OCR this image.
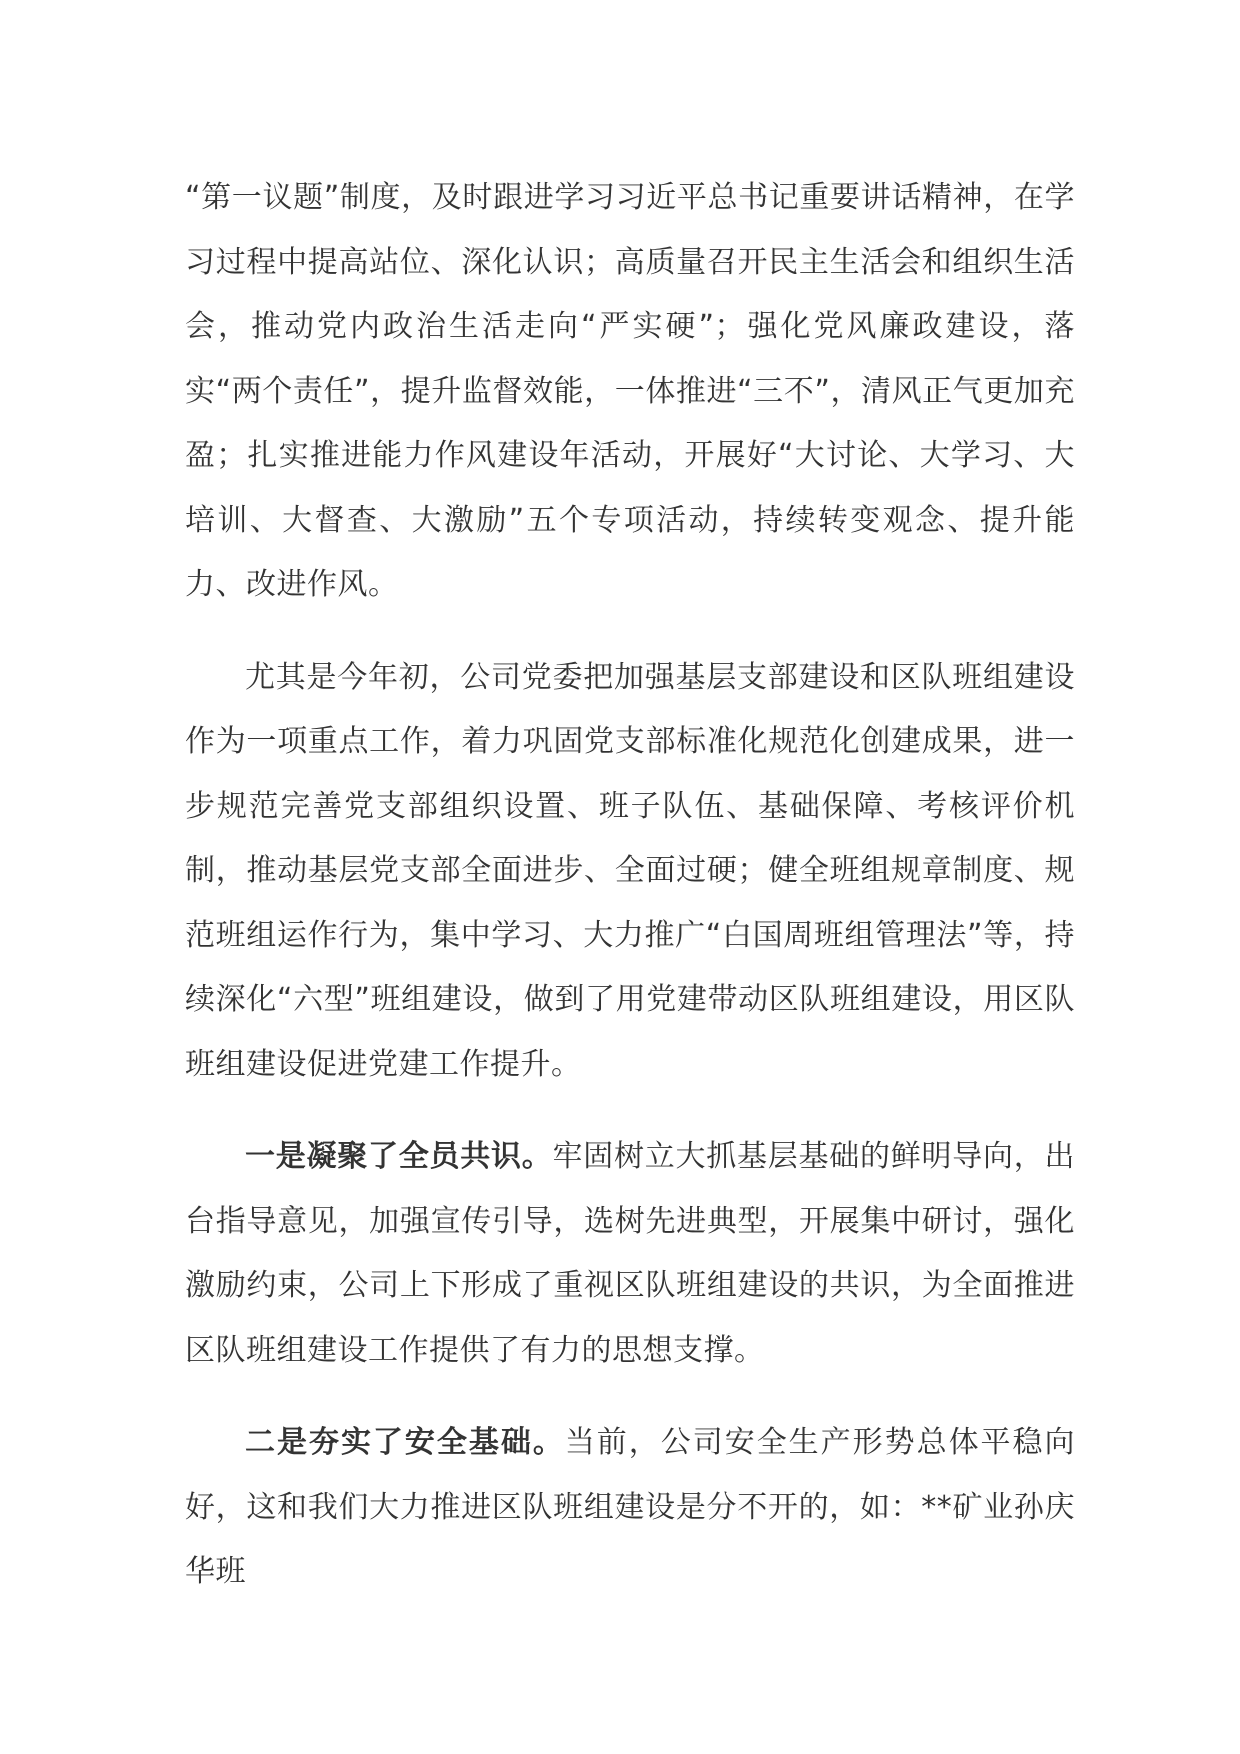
“第一议题”制度，及时跟进学习习近平总书记重要讲话精神，在学习过程中提高站位、深化认识；高质量召开民主生活会和组织生活会，推动党内政治生活走向“严实硬”；强化党风廉政建设，落实“两个责任”，提升监督效能，一体推进“三不”，清风正气更加充盈；扎实推进能力作风建设年活动，开展好“大讨论、大学习、大培训、大督查、大激励”五个专项活动，持续转变观念、提升能力、改进作风。

尤其是今年初，公司党委把加强基层支部建设和区队班组建设作为一项重点工作，着力巩固党支部标准化规范化创建成果，进一步规范完善党支部组织设置、班子队伍、基础保障、考核评价机制，推动基层党支部全面进步、全面过硬；健全班组规章制度、规范班组运作行为，集中学习、大力推广“白国周班组管理法”等，持续深化“六型”班组建设，做到了用党建带动区队班组建设，用区队班组建设促进党建工作提升。

一是凝聚了全员共识。牢固树立大抓基层基础的鲜明导向，出台指导意见，加强宣传引导，选树先进典型，开展集中研讨，强化激励约束，公司上下形成了重视区队班组建设的共识，为全面推进区队班组建设工作提供了有力的思想支撑。

二是夯实了安全基础。当前，公司安全生产形势总体平稳向好，这和我们大力推进区队班组建设是分不开的，如：**矿业孙庆华班
